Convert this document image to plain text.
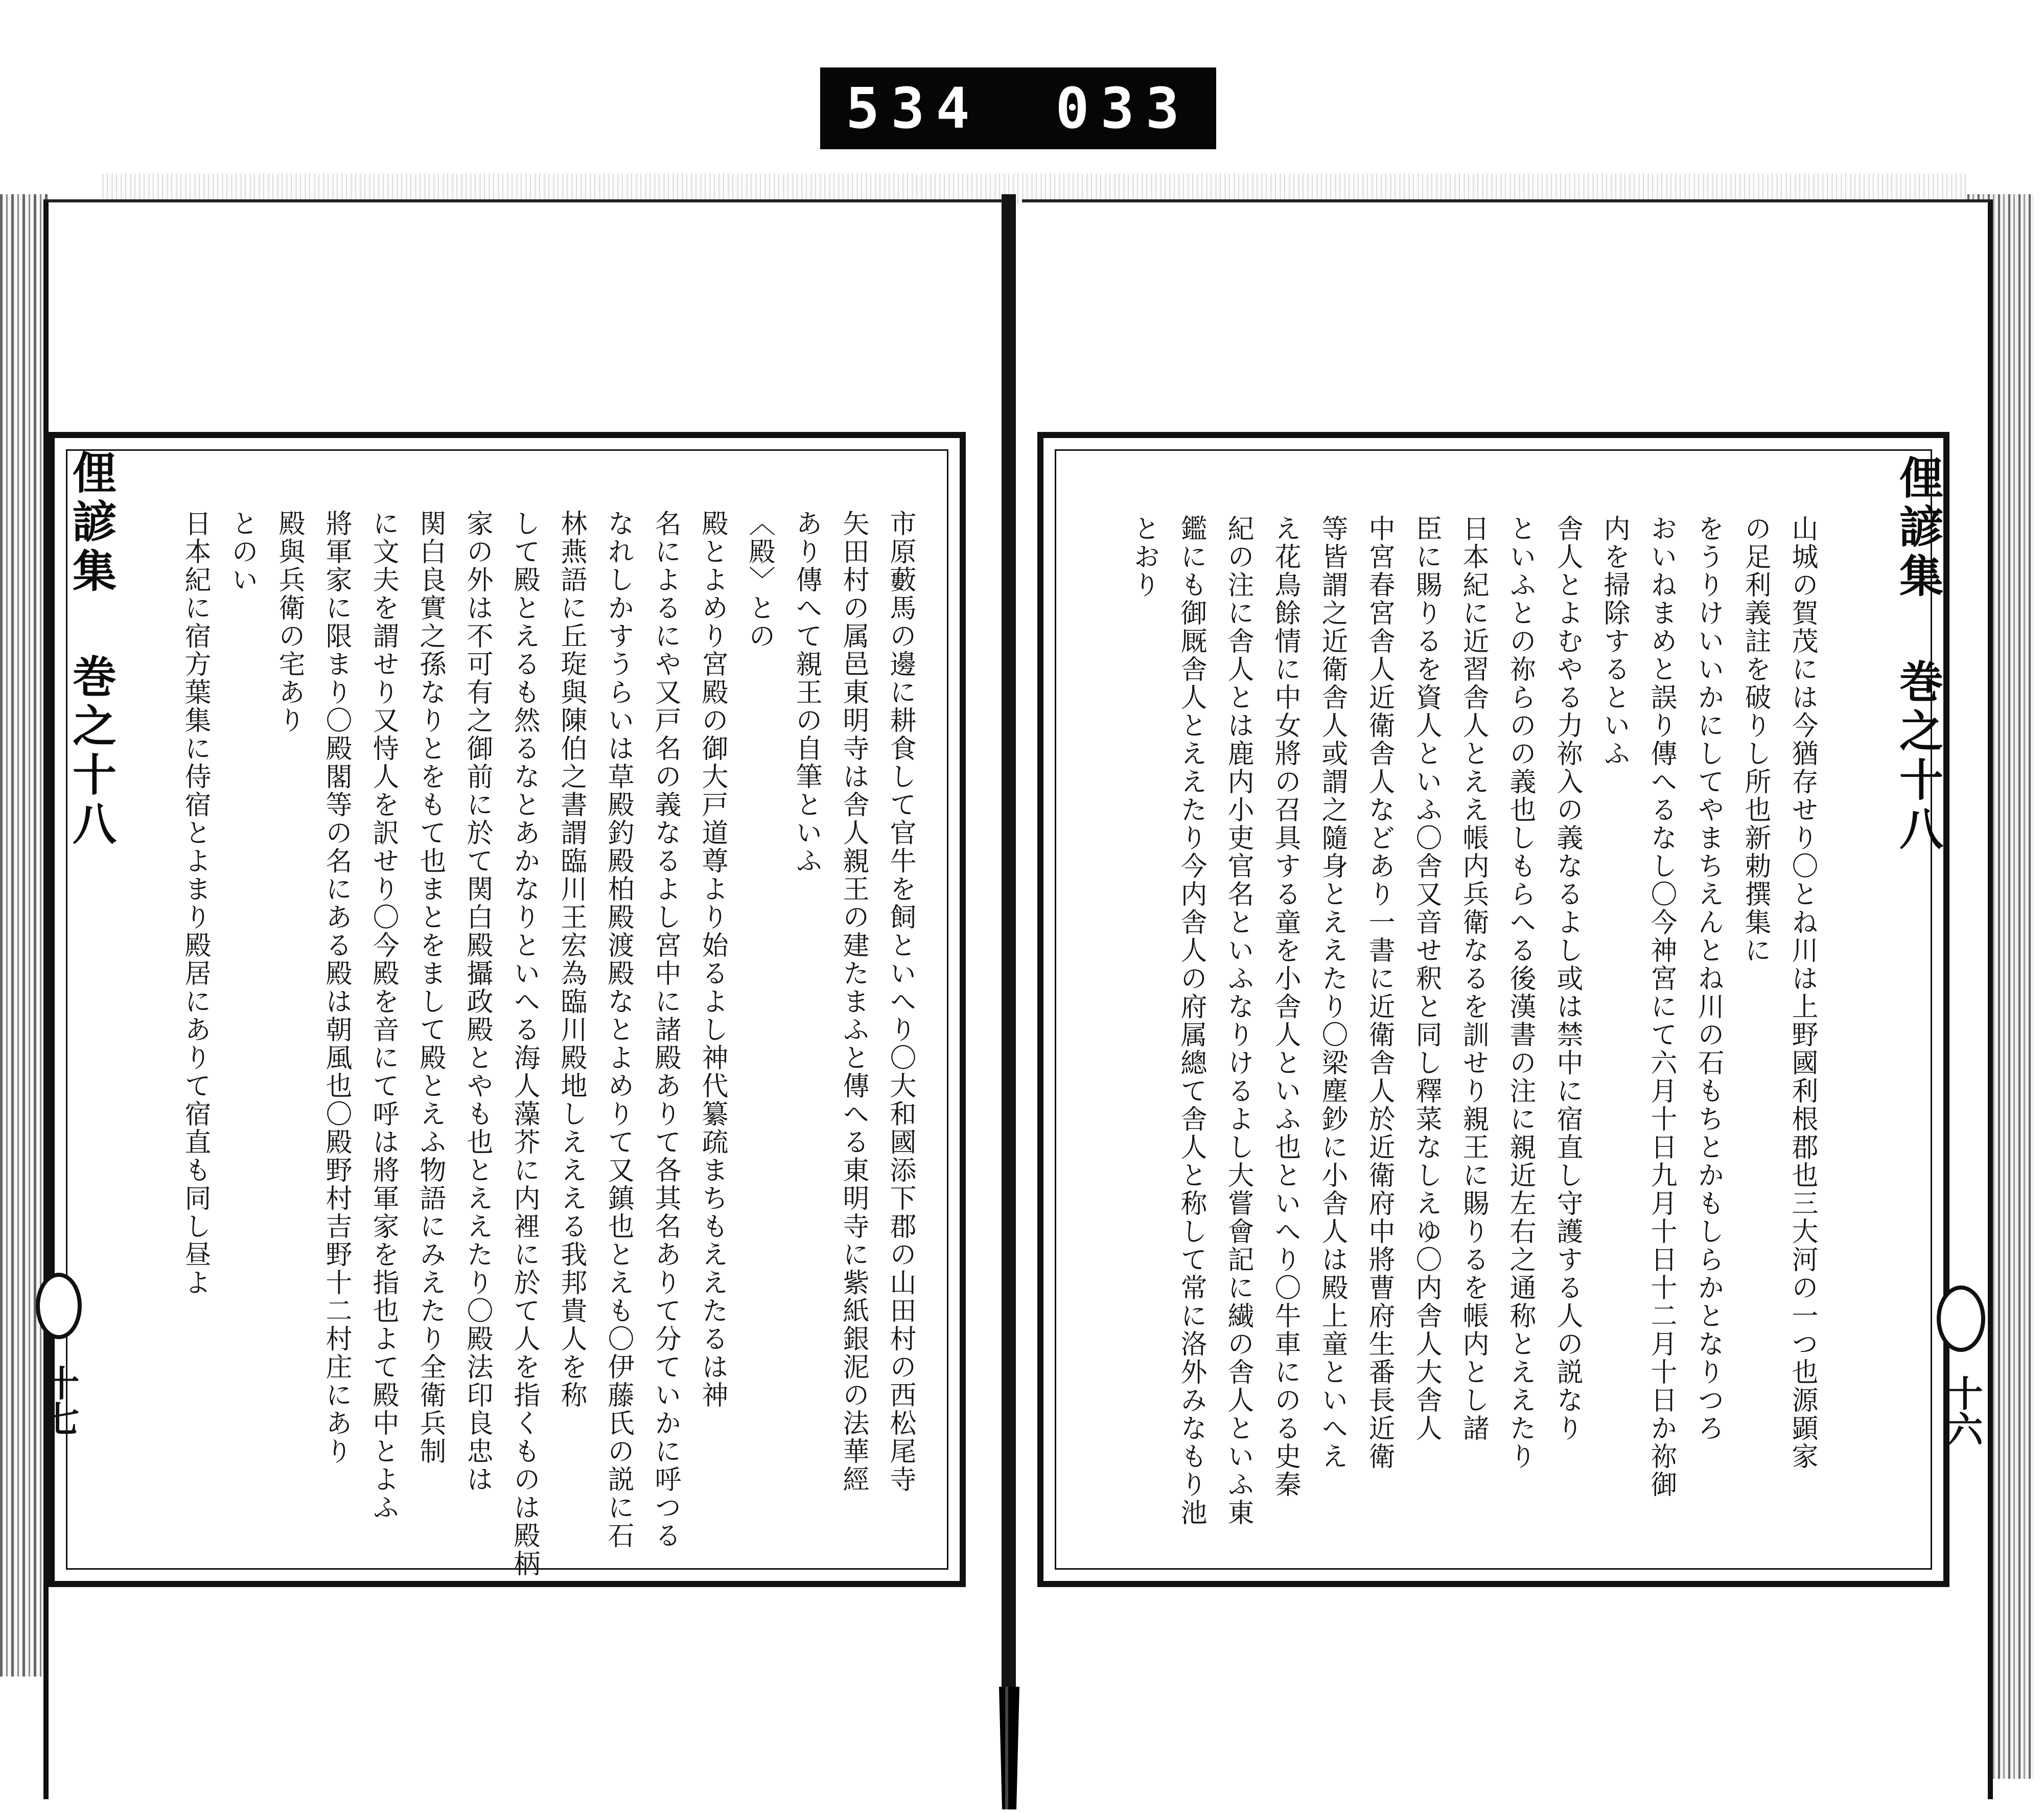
534 033
山城の賀茂には今猶存せり〇とね川は上野國利根郡也三大河の一つ也源顕家
の足利義註を破りし所也新勅撰集に
をうりけいいかにしてやまちえんとね川の石もちとかもしらかとなりつろ
おいねまめと誤り傳へるなし〇今神宮にて六月十日九月十日十二月十日か祢御
内を掃除するといふ
舎人とよむやる力祢入の義なるよし或は禁中に宿直し守護する人の説なり
といふとの祢らのの義也しもらへる後漢書の注に親近左右之通称とええたり
日本紀に近習舎人とええ帳内兵衛なるを訓せり親王に賜りるを帳内とし諸
臣に賜りるを資人といふ〇舎又音せ釈と同し釋菜なしえゆ〇内舎人大舎人
中宮春宮舎人近衛舎人などあり一書に近衛舎人於近衛府中將曹府生番長近衛
等皆謂之近衛舎人或謂之隨身とええたり〇梁塵鈔に小舎人は殿上童といへえ
え花鳥餘情に中女將の召具する童を小舎人といふ也といへり〇牛車にのる史秦
紀の注に舎人とは鹿内小吏官名といふなりけるよし大嘗會記に繊の舎人といふ東
鑑にも御厩舎人とええたり今内舎人の府属總て舎人と称して常に洛外みなもり池
とおり
市原藪馬の邊に耕食して官牛を飼といへり〇大和國添下郡の山田村の西松尾寺
矢田村の属邑東明寺は舎人親王の建たまふと傳へる東明寺に紫紙銀泥の法華經
あり傳へて親王の自筆といふ
〈殿〉との
殿とよめり宮殿の御大戸道尊より始るよし神代纂疏まちもええたるは神
名によるにや又戸名の義なるよし宮中に諸殿ありて各其名ありて分ていかに呼つる
なれしかすうらいは草殿釣殿柏殿渡殿なとよめりて又鎮也とえも〇伊藤氏の説に石
林燕語に丘琁與陳伯之書謂臨川王宏為臨川殿地しえええる我邦貴人を称
して殿とえるも然るなとあかなりといへる海人藻芥に内裡に於て人を指くものは殿柄
家の外は不可有之御前に於て関白殿攝政殿とやも也とええたり〇殿法印良忠は
関白良實之孫なりとをもて也まとをまして殿とえふ物語にみえたり全衛兵制
に文夫を謂せり又恃人を訳せり〇今殿を音にて呼は將軍家を指也よて殿中とよふ
將軍家に限まり〇殿閣等の名にある殿は朝風也〇殿野村吉野十二村庄にあり
殿與兵衛の宅あり
とのい
日本紀に宿方葉集に侍宿とよまり殿居にありて宿直も同し昼よ	俚諺集 巻之十八
俚諺集 巻之十八
十六
十七
